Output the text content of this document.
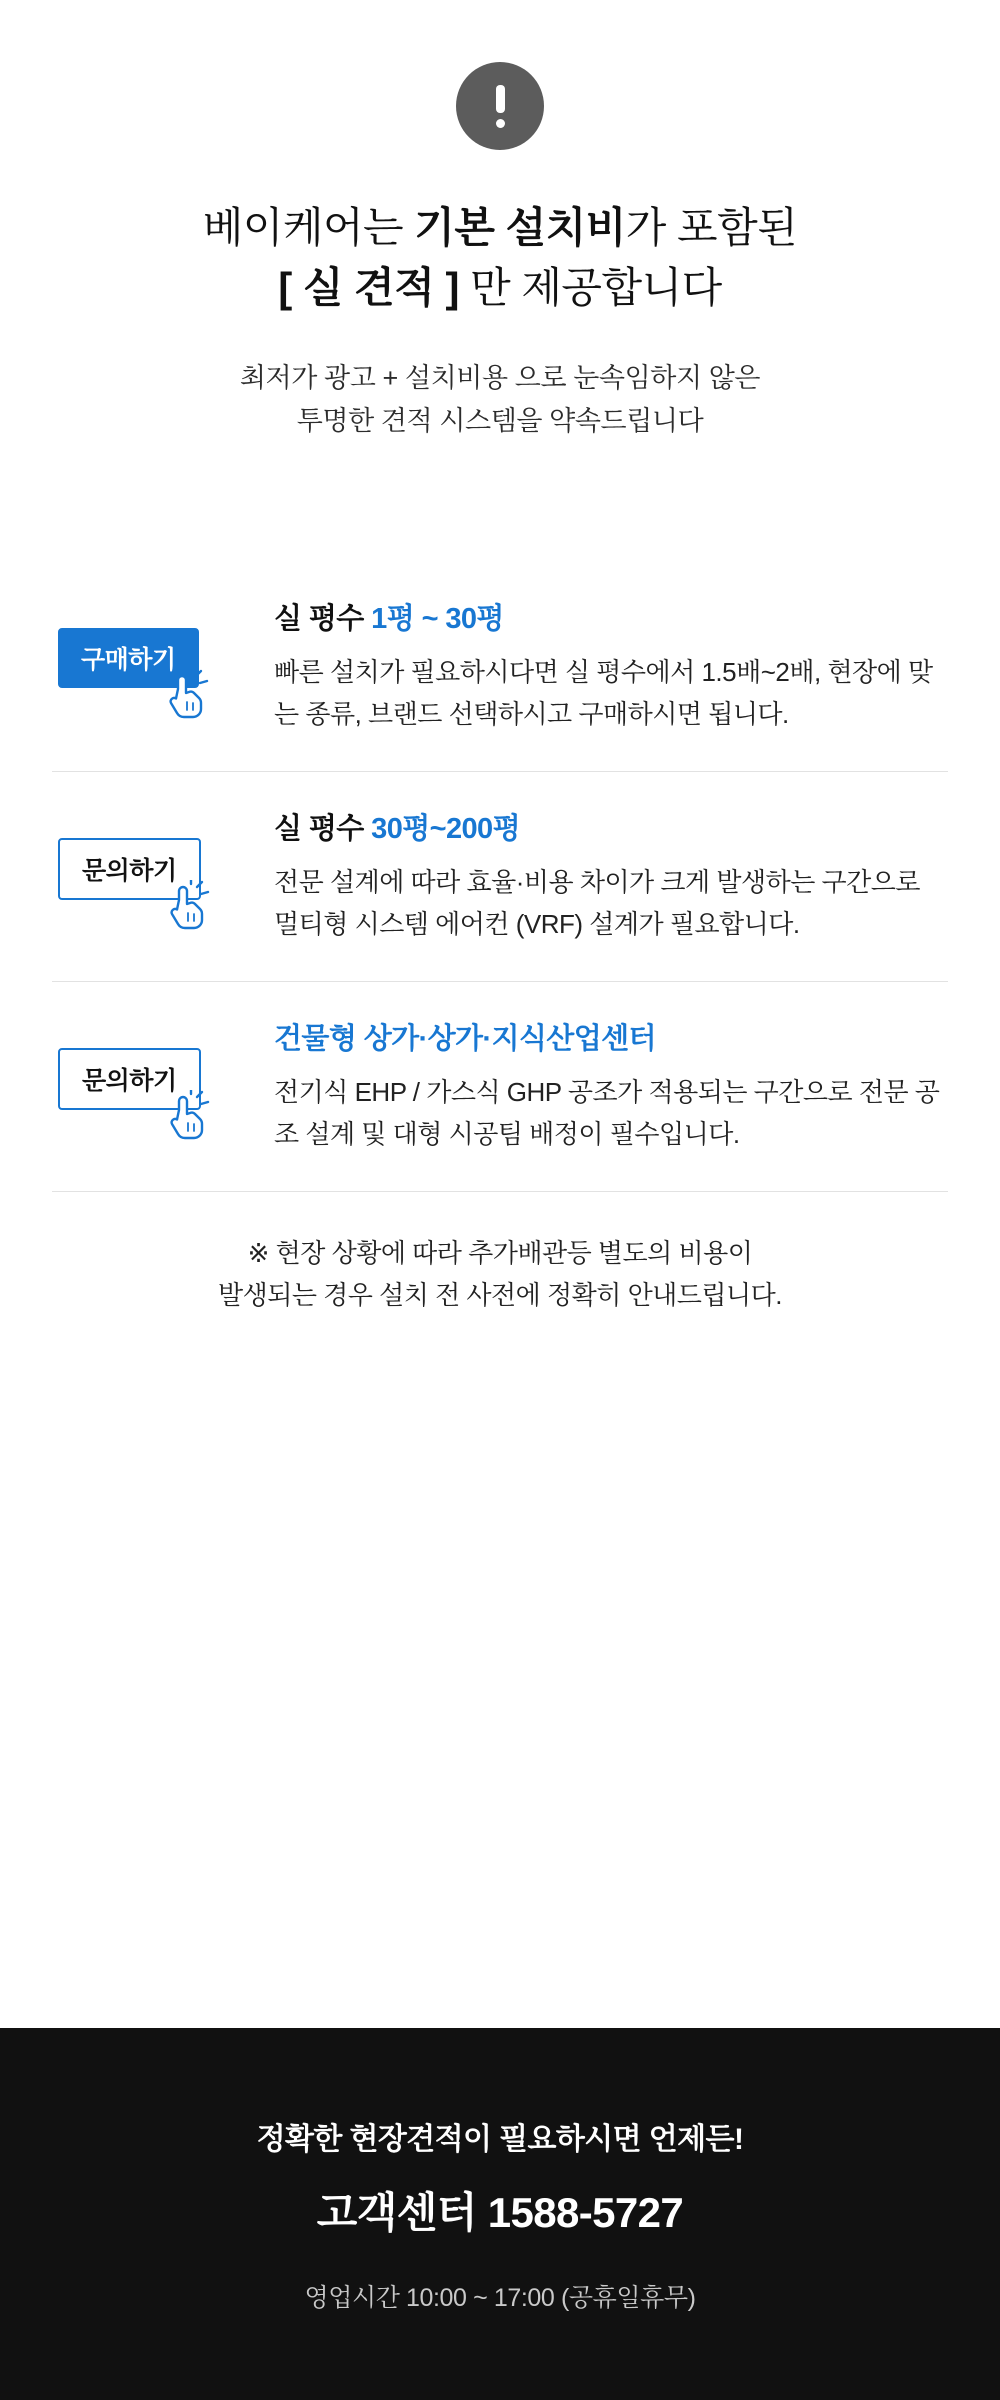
베이케어는 기본 설치비가 포함된
[ 실 견적 ] 만 제공합니다

최저가 광고 + 설치비용 으로 눈속임하지 않은
투명한 견적 시스템을 약속드립니다

구매하기
실 평수 1평 ~ 30평
빠른 설치가 필요하시다면 실 평수에서 1.5배~2배, 현장에 맞는 종류, 브랜드 선택하시고 구매하시면 됩니다.
문의하기
실 평수 30평~200평
전문 설계에 따라 효율·비용 차이가 크게 발생하는 구간으로 멀티형 시스템 에어컨 (VRF) 설계가 필요합니다.
문의하기
건물형 상가·상가·지식산업센터
전기식 EHP / 가스식 GHP 공조가 적용되는 구간으로 전문 공조 설계 및 대형 시공팀 배정이 필수입니다.

※ 현장 상황에 따라 추가배관등 별도의 비용이
발생되는 경우 설치 전 사전에 정확히 안내드립니다.

정확한 현장견적이 필요하시면 언제든!
고객센터 1588-5727
영업시간 10:00 ~ 17:00 (공휴일휴무)
